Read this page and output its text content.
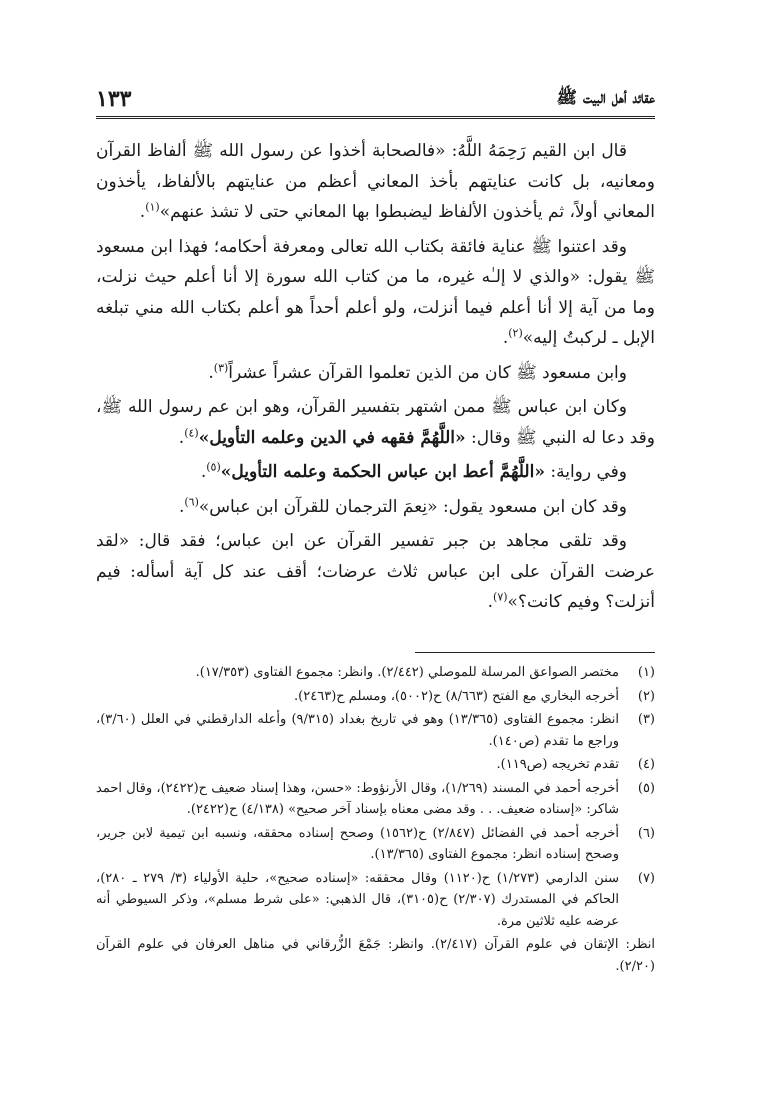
عقائد أهل البيت ﷺ
١٣٣

قال ابن القيم رَحِمَهُ اللَّهُ: «فالصحابة أخذوا عن رسول الله ﷺ ألفاظ القرآن ومعانيه، بل كانت عنايتهم بأخذ المعاني أعظم من عنايتهم بالألفاظ، يأخذون المعاني أولاً، ثم يأخذون الألفاظ ليضبطوا بها المعاني حتى لا تشذ عنهم»$^{(١)}$.

وقد اعتنوا ﷺ عناية فائقة بكتاب الله تعالى ومعرفة أحكامه؛ فهذا ابن مسعود ﷺ يقول: «والذي لا إلـٰه غيره، ما من كتاب الله سورة إلا أنا أعلم حيث نزلت، وما من آية إلا أنا أعلم فيما أنزلت، ولو أعلم أحداً هو أعلم بكتاب الله مني تبلغه الإبل ـ لركبتُ إليه»$^{(٢)}$.

وابن مسعود ﷺ كان من الذين تعلموا القرآن عشراً عشراً$^{(٣)}$.

وكان ابن عباس ﷺ ممن اشتهر بتفسير القرآن، وهو ابن عم رسول الله ﷺ، وقد دعا له النبي ﷺ وقال: «اللَّهُمَّ فقهه في الدين وعلمه التأويل»$^{(٤)}$.

وفي رواية: «اللَّهُمَّ أعط ابن عباس الحكمة وعلمه التأويل»$^{(٥)}$.

وقد كان ابن مسعود يقول: «نِعمَ الترجمان للقرآن ابن عباس»$^{(٦)}$.

وقد تلقى مجاهد بن جبر تفسير القرآن عن ابن عباس؛ فقد قال: «لقد عرضت القرآن على ابن عباس ثلاث عرضات؛ أقف عند كل آية أسأله: فيم أنزلت؟ وفيم كانت؟»$^{(٧)}$.

(١)
مختصر الصواعق المرسلة للموصلي (٢/٤٤٢). وانظر: مجموع الفتاوى (١٧/٣٥٣).
(٢)
أخرجه البخاري مع الفتح (٨/٦٦٣) ح(٥٠٠٢)، ومسلم ح(٢٤٦٣).
(٣)
انظر: مجموع الفتاوى (١٣/٣٦٥) وهو في تاريخ بغداد (٩/٣١٥) وأعله الدارقطني في العلل (٣/٦٠)، وراجع ما تقدم (ص١٤٠).
(٤)
تقدم تخريجه (ص١١٩).
(٥)
أخرجه أحمد في المسند (١/٢٦٩)، وقال الأرنؤوط: «حسن، وهذا إسناد ضعيف ح(٢٤٢٢)، وقال احمد شاكر: «إسناده ضعيف. . . وقد مضى معناه بإسناد آخر صحيح» (٤/١٣٨) ح(٢٤٢٢).
(٦)
أخرجه أحمد في الفضائل (٢/٨٤٧) ح(١٥٦٢) وصحح إسناده محققه، ونسبه ابن تيمية لابن جرير، وصحح إسناده انظر: مجموع الفتاوى (١٣/٣٦٥).
(٧)
سنن الدارمي (١/٢٧٣) ح(١١٢٠) وقال محققه: «إسناده صحيح»، حلية الأولياء (٣/ ٢٧٩ ـ ٢٨٠)، الحاكم في المستدرك (٢/٣٠٧) ح(٣١٠٥)، قال الذهبي: «على شرط مسلم»، وذكر السيوطي أنه عرضه عليه ثلاثين مرة.
انظر: الإتقان في علوم القرآن (٢/٤١٧). وانظر: جَمْعَ الزُّرقاني في مناهل العرفان في علوم القرآن (٢/٢٠).
